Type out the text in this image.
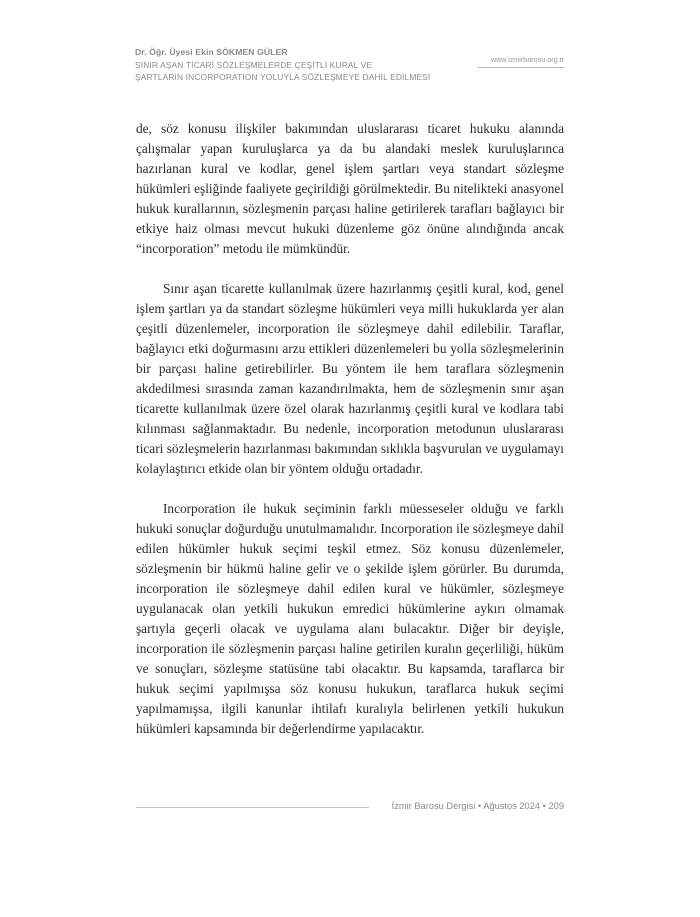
Dr. Öğr. Üyesi Ekin SÖKMEN GÜLER
SINIR AŞAN TİCARİ SÖZLEŞMELERDE ÇEŞİTLİ KURAL VE
ŞARTLARIN INCORPORATION YOLUYLA SÖZLEŞMEYE DAHİL EDİLMESİ
www.izmirbarosu.org.tr

de, söz konusu ilişkiler bakımından uluslararası ticaret hukuku alanında çalışmalar yapan kuruluşlarca ya da bu alandaki meslek kuruluşlarınca hazırlanan kural ve kodlar, genel işlem şartları veya standart sözleşme hükümleri eşliğinde faaliyete geçirildiği görülmektedir. Bu nitelikteki anasyonel hukuk kurallarının, sözleşmenin parçası haline getirilerek tarafları bağlayıcı bir etkiye haiz olması mevcut hukuki düzenleme göz önüne alındığında ancak “incorporation” metodu ile mümkündür.

Sınır aşan ticarette kullanılmak üzere hazırlanmış çeşitli kural, kod, genel işlem şartları ya da standart sözleşme hükümleri veya milli hukuklarda yer alan çeşitli düzenlemeler, incorporation ile sözleşmeye dahil edilebilir. Taraflar, bağlayıcı etki doğurmasını arzu ettikleri düzenlemeleri bu yolla sözleşmelerinin bir parçası haline getirebilirler. Bu yöntem ile hem taraflara sözleşmenin akdedilmesi sırasında zaman kazandırılmakta, hem de sözleşmenin sınır aşan ticarette kullanılmak üzere özel olarak hazırlanmış çeşitli kural ve kodlara tabi kılınması sağlanmaktadır. Bu nedenle, incorporation metodunun uluslararası ticari sözleşmelerin hazırlanması bakımından sıklıkla başvurulan ve uygulamayı kolaylaştırıcı etkide olan bir yöntem olduğu ortadadır.

Incorporation ile hukuk seçiminin farklı müesseseler olduğu ve farklı hukuki sonuçlar doğurduğu unutulmamalıdır. Incorporation ile sözleşmeye dahil edilen hükümler hukuk seçimi teşkil etmez. Söz konusu düzenlemeler, sözleşmenin bir hükmü haline gelir ve o şekilde işlem görürler. Bu durumda, incorporation ile sözleşmeye dahil edilen kural ve hükümler, sözleşmeye uygulanacak olan yetkili hukukun emredici hükümlerine aykırı olmamak şartıyla geçerli olacak ve uygulama alanı bulacaktır. Diğer bir deyişle, incorporation ile sözleşmenin parçası haline getirilen kuralın geçerliliği, hüküm ve sonuçları, sözleşme statüsüne tabi olacaktır. Bu kapsamda, taraflarca bir hukuk seçimi yapılmışsa söz konusu hukukun, taraflarca hukuk seçimi yapılmamışsa, ilgili kanunlar ihtilafı kuralıyla belirlenen yetkili hukukun hükümleri kapsamında bir değerlendirme yapılacaktır.

İzmir Barosu Dergisi • Ağustos 2024 • 209
